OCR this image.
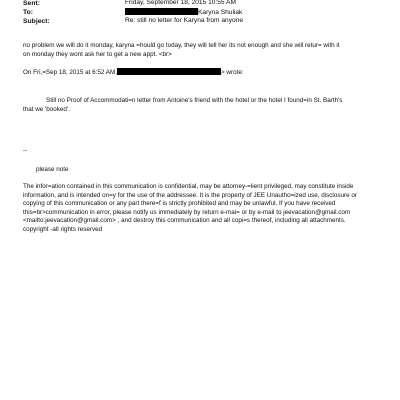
Sent:	Friday, September 18, 2015 10:55 AM
To:	Karyna Shuliak
Subject:	Re: still no letter for Karyna from anyone
no problem we will do it monday, karyna =hould go today, they will tell her its not enough and she will retur= with it
on monday they wont ask her to get a new appt. <br>
On Fri,=Sep 18, 2015 at 6:52 AM,	> wrote:
Still no Proof of Accommodati=n letter from Antoine's friend with the hotel or the hotel I found=in St. Barth's
that we 'booked'.
--
please note
The infor=ation contained in this communication is confidential, may be attorney-=lient privileged, may constitute inside
information, and is intended on=y for the use of the addressee. It is the property of JEE Unautho=ized use, disclosure or
copying of this communication or any part there=f is strictly prohibited and may be unlawful. If you have received
this=br>communication in error, please notify us immediately by return e-mai= or by e-mail to jeevacation@gmail.com
<mailto:jeevacation@gmail.com> , and destroy this communication and all copi=s thereof, including all attachments.
copyright -all rights reserved
